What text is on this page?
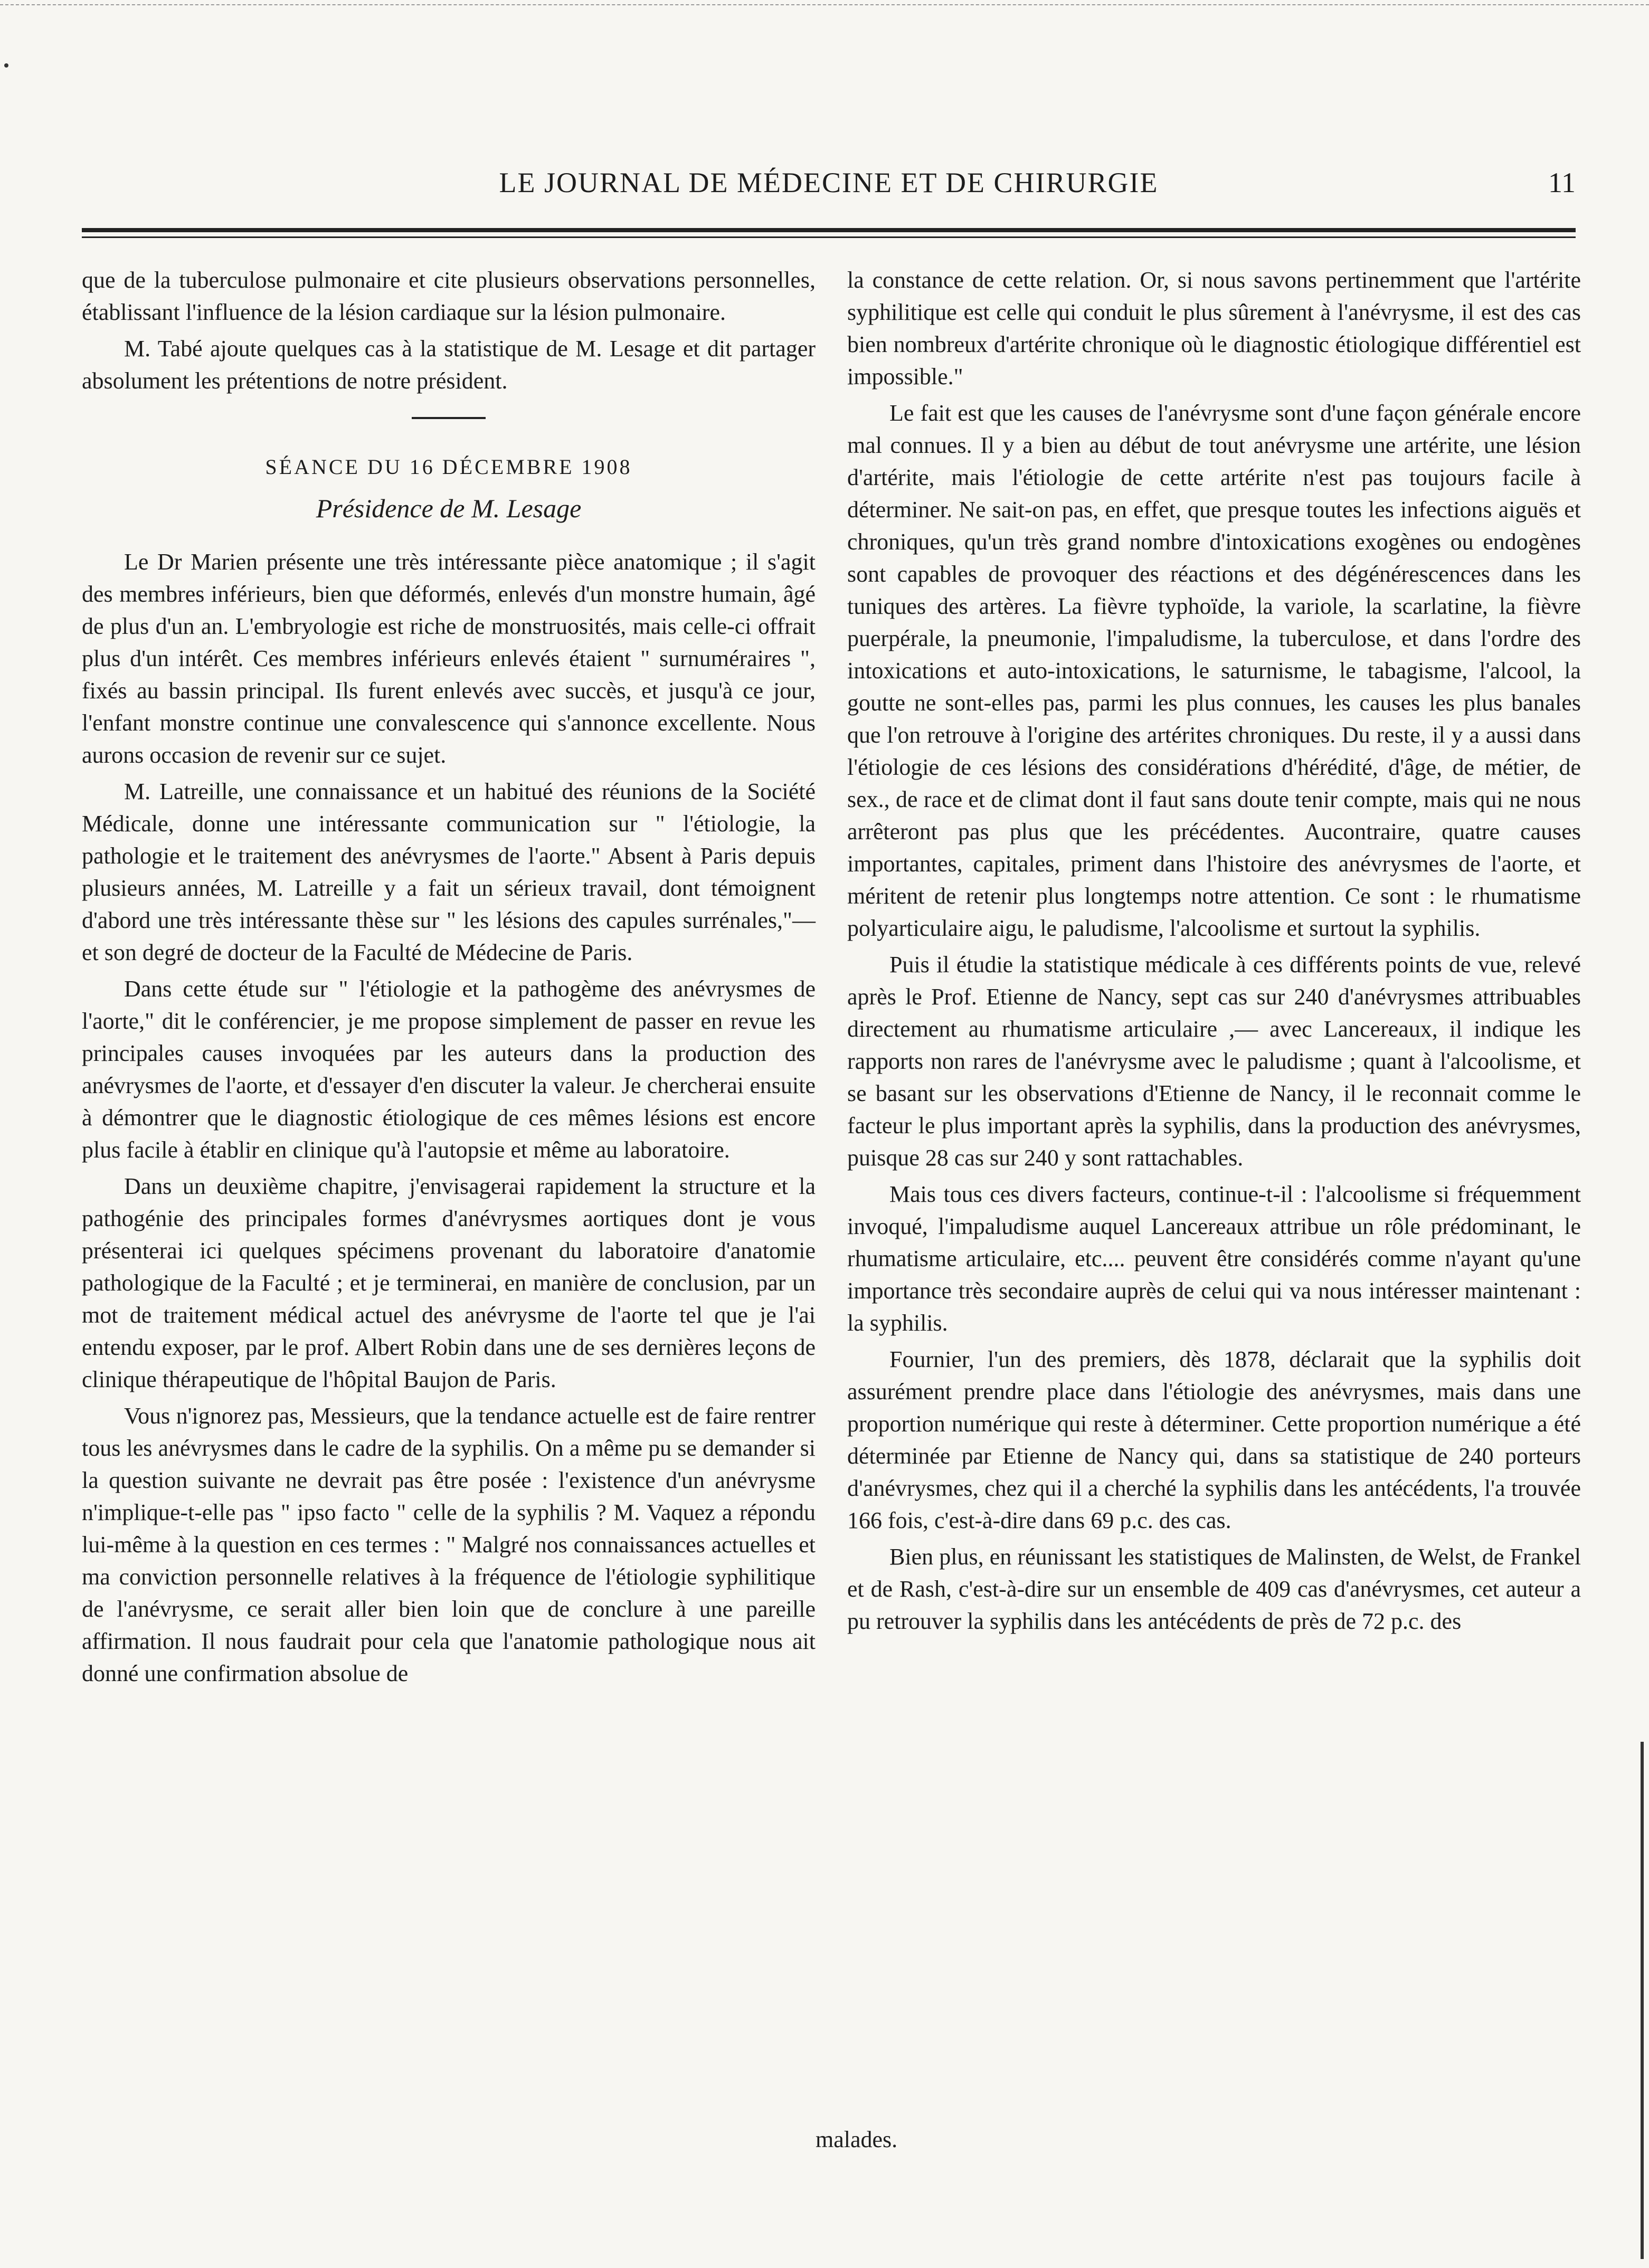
LE JOURNAL DE MÉDECINE ET DE CHIRURGIE	11

que de la tuberculose pulmonaire et cite plusieurs observations personnelles, établissant l'influence de la lésion cardiaque sur la lésion pulmonaire.

M. Tabé ajoute quelques cas à la statistique de M. Lesage et dit partager absolument les prétentions de notre président.

SÉANCE DU 16 DÉCEMBRE 1908
Présidence de M. Lesage

Le Dr Marien présente une très intéressante pièce anatomique ; il s'agit des membres inférieurs, bien que déformés, enlevés d'un monstre humain, âgé de plus d'un an. L'embryologie est riche de monstruosités, mais celle-ci offrait plus d'un intérêt. Ces membres inférieurs enlevés étaient " surnuméraires ", fixés au bassin principal. Ils furent enlevés avec succès, et jusqu'à ce jour, l'enfant monstre continue une convalescence qui s'annonce excellente. Nous aurons occasion de revenir sur ce sujet.

M. Latreille, une connaissance et un habitué des réunions de la Société Médicale, donne une intéressante communication sur " l'étiologie, la pathologie et le traitement des anévrysmes de l'aorte." Absent à Paris depuis plusieurs années, M. Latreille y a fait un sérieux travail, dont témoignent d'abord une très intéressante thèse sur " les lésions des capules surrénales,"— et son degré de docteur de la Faculté de Médecine de Paris.

Dans cette étude sur " l'étiologie et la pathogème des anévrysmes de l'aorte," dit le conférencier, je me propose simplement de passer en revue les principales causes invoquées par les auteurs dans la production des anévrysmes de l'aorte, et d'essayer d'en discuter la valeur. Je chercherai ensuite à démontrer que le diagnostic étiologique de ces mêmes lésions est encore plus facile à établir en clinique qu'à l'autopsie et même au laboratoire.

Dans un deuxième chapitre, j'envisagerai rapidement la structure et la pathogénie des principales formes d'anévrysmes aortiques dont je vous présenterai ici quelques spécimens provenant du laboratoire d'anatomie pathologique de la Faculté ; et je terminerai, en manière de conclusion, par un mot de traitement médical actuel des anévrysme de l'aorte tel que je l'ai entendu exposer, par le prof. Albert Robin dans une de ses dernières leçons de clinique thérapeutique de l'hôpital Baujon de Paris.

Vous n'ignorez pas, Messieurs, que la tendance actuelle est de faire rentrer tous les anévrysmes dans le cadre de la syphilis. On a même pu se demander si la question suivante ne devrait pas être posée : l'existence d'un anévrysme n'implique-t-elle pas " ipso facto " celle de la syphilis ? M. Vaquez a répondu lui-même à la question en ces termes : " Malgré nos connaissances actuelles et ma conviction personnelle relatives à la fréquence de l'étiologie syphilitique de l'anévrysme, ce serait aller bien loin que de conclure à une pareille affirmation. Il nous faudrait pour cela que l'anatomie pathologique nous ait donné une confirmation absolue de

la constance de cette relation. Or, si nous savons pertinemment que l'artérite syphilitique est celle qui conduit le plus sûrement à l'anévrysme, il est des cas bien nombreux d'artérite chronique où le diagnostic étiologique différentiel est impossible."

Le fait est que les causes de l'anévrysme sont d'une façon générale encore mal connues. Il y a bien au début de tout anévrysme une artérite, une lésion d'artérite, mais l'étiologie de cette artérite n'est pas toujours facile à déterminer. Ne sait-on pas, en effet, que presque toutes les infections aiguës et chroniques, qu'un très grand nombre d'intoxications exogènes ou endogènes sont capables de provoquer des réactions et des dégénérescences dans les tuniques des artères. La fièvre typhoïde, la variole, la scarlatine, la fièvre puerpérale, la pneumonie, l'impaludisme, la tuberculose, et dans l'ordre des intoxications et auto-intoxications, le saturnisme, le tabagisme, l'alcool, la goutte ne sont-elles pas, parmi les plus connues, les causes les plus banales que l'on retrouve à l'origine des artérites chroniques. Du reste, il y a aussi dans l'étiologie de ces lésions des considérations d'hérédité, d'âge, de métier, de sex., de race et de climat dont il faut sans doute tenir compte, mais qui ne nous arrêteront pas plus que les précédentes. Aucontraire, quatre causes importantes, capitales, priment dans l'histoire des anévrysmes de l'aorte, et méritent de retenir plus longtemps notre attention. Ce sont : le rhumatisme polyarticulaire aigu, le paludisme, l'alcoolisme et surtout la syphilis.

Puis il étudie la statistique médicale à ces différents points de vue, relevé après le Prof. Etienne de Nancy, sept cas sur 240 d'anévrysmes attribuables directement au rhumatisme articulaire ,— avec Lancereaux, il indique les rapports non rares de l'anévrysme avec le paludisme ; quant à l'alcoolisme, et se basant sur les observations d'Etienne de Nancy, il le reconnait comme le facteur le plus important après la syphilis, dans la production des anévrysmes, puisque 28 cas sur 240 y sont rattachables.

Mais tous ces divers facteurs, continue-t-il : l'alcoolisme si fréquemment invoqué, l'impaludisme auquel Lancereaux attribue un rôle prédominant, le rhumatisme articulaire, etc.... peuvent être considérés comme n'ayant qu'une importance très secondaire auprès de celui qui va nous intéresser maintenant : la syphilis.

Fournier, l'un des premiers, dès 1878, déclarait que la syphilis doit assurément prendre place dans l'étiologie des anévrysmes, mais dans une proportion numérique qui reste à déterminer. Cette proportion numérique a été déterminée par Etienne de Nancy qui, dans sa statistique de 240 porteurs d'anévrysmes, chez qui il a cherché la syphilis dans les antécédents, l'a trouvée 166 fois, c'est-à-dire dans 69 p.c. des cas.

Bien plus, en réunissant les statistiques de Malinsten, de Welst, de Frankel et de Rash, c'est-à-dire sur un ensemble de 409 cas d'anévrysmes, cet auteur a pu retrouver la syphilis dans les antécédents de près de 72 p.c. des

malades.
